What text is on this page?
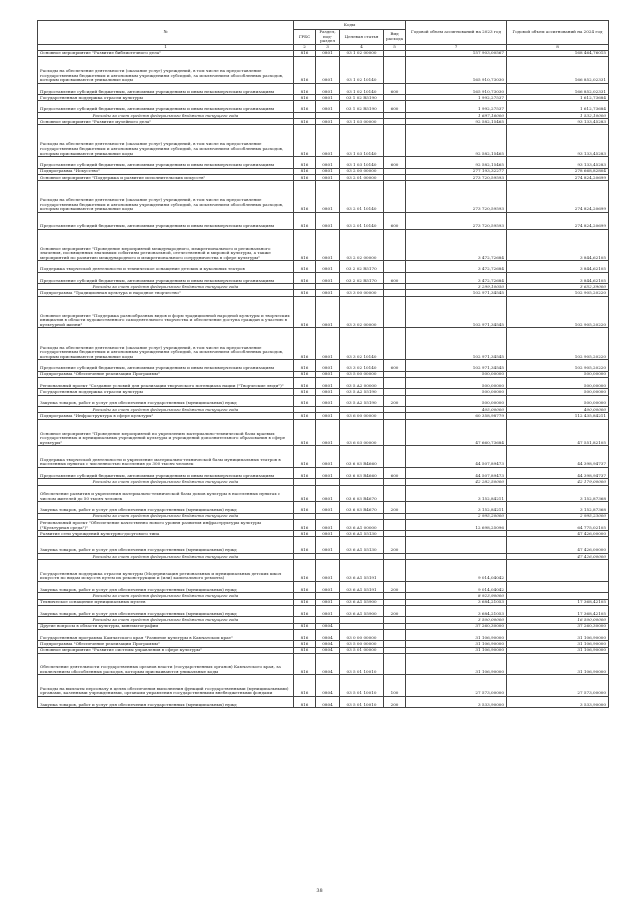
№	Коды				Годовой объем ассигнований на 2023 год	Годовой объем ассигнований на 2024 год
	ГРБС	Раздел, под-раздел	Целевая статья	Вид расхода		
1	2	3	4	5	7	8
Основное мероприятие "Развитие библиотечного дела"	816	0801	03 1 02 00000		157 903,00567	168 464,76015
Расходы на обеспечение деятельности (оказание услуг) учреждений, в том числе на предоставление государственным бюджетным и автономным учреждениям субсидий, за исключением обособленных расходов, которым присваиваются уникальные коды	816	0801	03 1 02 10140		165 910,73030	166 852,02331
Предоставление субсидий бюджетным, автономным учреждениям и иным некоммерческим организациям	816	0801	03 1 02 10140	600	165 910,73030	166 852,02331
Государственная поддержка отрасли культуры	816	0801	03 1 02 R5190		1 992,27537	1 612,73684
Предоставление субсидий бюджетным, автономным учреждениям и иным некоммерческим организациям	816	0801	03 1 02 R5190	600	1 992,27537	1 612,73684
Расходы за счет средств федерального бюджета текущего года					1 697,16000	1 532,10000
Основное мероприятие "Развитие музейного дела"	816	0801	03 1 03 00000		92 582,15465	93 133,45283
Расходы на обеспечение деятельности (оказание услуг) учреждений, в том числе на предоставление государственным бюджетным и автономным учреждениям субсидий, за исключением обособленных расходов, которым присваиваются уникальные коды	816	0801	03 1 03 10140		92 582,15465	93 133,45283
Предоставление субсидий бюджетным, автономным учреждениям и иным некоммерческим организациям	816	0801	03 1 03 10140	600	92 582,15465	93 133,45283
Подпрограмма "Искусство"	816	0801	03 2 00 00000		277 193,32277	278 668,82804
Основное мероприятие "Поддержка и развитие исполнительских искусств"	816	0801	03 2 01 00000		273 720,59593	274 824,20699
Расходы на обеспечение деятельности (оказание услуг) учреждений, в том числе на предоставление государственным бюджетным и автономным учреждениям субсидий, за исключением обособленных расходов, которым присваиваются уникальные коды	816	0801	03 2 01 10140		273 720,59593	274 824,20699
Предоставление субсидий бюджетным, автономным учреждениям и иным некоммерческим организациям	816	0801	03 2 01 10140	600	273 720,59593	274 824,20699
Основное мероприятие "Проведение мероприятий международного, межрегионального и регионального значения, посвященных значимым событиям региональной, отечественной и мировой культуры, а также мероприятий по развитию международного и межрегионального сотрудничества в сфере культуры"	816	0801	03 2 02 00000		3 472,72684	3 844,62105
Поддержка творческой деятельности и техническое оснащение детских и кукольных театров	816	0801	03 2 02 R5170		3 472,72684	3 844,62105
Предоставление субсидий бюджетным, автономным учреждениям и иным некоммерческим организациям	816	0801	03 2 02 R5170	600	3 472,72684	3 844,62105
Расходы за счет средств федерального бюджета текущего года					3 299,10050	3 652,39000
Подпрограмма "Традиционная культура и народное творчество"	816	0801	03 3 00 00000		102 971,34545	102 905,20220
Основное мероприятие "Поддержка разнообразных видов и форм традиционной народной культуры и творческих инициатив в области художественного самодеятельного творчества и обеспечение доступа граждан к участию в культурной жизни"	816	0801	03 3 02 00000		102 971,34545	102 905,20220
Расходы на обеспечение деятельности (оказание услуг) учреждений, в том числе на предоставление государственным бюджетным и автономным учреждениям субсидий, за исключением обособленных расходов, которым присваиваются уникальные коды	816	0801	03 3 02 10140		102 971,34545	102 905,20220
Предоставление субсидий бюджетным, автономным учреждениям и иным некоммерческим организациям	816	0801	03 3 02 10140	600	102 971,34545	102 905,20220
Подпрограмма "Обеспечение реализации Программы"	816	0801	03 5 00 00000		500,00000	500,00000
Региональный проект "Создание условий для реализации творческого потенциала нации ("Творческие люди")"	816	0801	03 5 A2 00000		500,00000	500,00000
Государственная поддержка отрасли культуры	816	0801	03 5 A2 55190		500,00000	500,00000
Закупка товаров, работ и услуг для обеспечения государственных (муниципальных) нужд	816	0801	03 5 A2 55190	200	500,00000	500,00000
Расходы за счет средств федерального бюджета текущего года					405,00000	400,00000
Подпрограмма "Инфраструктура в сфере культуры"	816	0801	03 6 00 00000		60 358,98779	112 435,84211
Основное мероприятие "Проведение мероприятий по укреплению материально-технической базы краевых государственных и муниципальных учреждений культуры и учреждений дополнительного образования в сфере культуры"	816	0801	03 6 03 00000		47 660,73684	47 551,82105
Поддержка творческой деятельности и укрепление материально-технической базы муниципальных театров в населенных пунктах с численностью населения до 300 тысяч человек	816	0801	03 6 03 R4660		44 507,89473	44 398,94737
Предоставление субсидий бюджетным, автономным учреждениям и иным некоммерческим организациям	816	0801	03 6 03 R4660	600	44 507,89473	44 398,94737
Расходы за счет средств федерального бюджета текущего года					42 282,50000	42 179,00000
Обеспечение развития и укрепления материально-технической базы домов культуры в населенных пунктах с числом жителей до 50 тысяч человек	816	0801	03 6 03 R4670		3 152,84211	3 152,87368
Закупка товаров, работ и услуг для обеспечения государственных (муниципальных) нужд	816	0801	03 6 03 R4670	200	3 152,84211	3 152,87368
Расходы за счет средств федерального бюджета текущего года					2 995,20000	2 995,23000
Региональный проект "Обеспечение качественно нового уровня развития инфраструктуры культуры ("Культурная среда")"	816	0801	03 6 A1 00000		12 698,25096	64 775,02105
Развитие сети учреждений культурно-досугового типа	816	0801	03 6 A1 55130			47 426,00000
Закупка товаров, работ и услуг для обеспечения государственных (муниципальных) нужд	816	0801	03 6 A1 55130	200		47 426,00000
Расходы за счет средств федерального бюджета текущего года						47 426,00000
Государственная поддержка отрасли культуры (Модернизация региональных и муниципальных детских школ искусств по видам искусств путем их реконструкции и (или) капитального ремонта)	816	0801	03 6 A1 55191		9 014,04042	
Закупка товаров, работ и услуг для обеспечения государственных (муниципальных) нужд	816	0801	03 6 A1 55191	200	9 014,04042	
Расходы за счет средств федерального бюджета текущего года					8 923,90000	
Техническое оснащение муниципальных музеев	816	0801	03 6 A1 55900		3 684,21053	17 368,42105
Закупка товаров, работ и услуг для обеспечения государственных (муниципальных) нужд	816	0801	03 6 A1 55900	200	3 684,21053	17 368,42105
Расходы за счет средств федерального бюджета текущего года					3 500,00000	16 500,00000
Другие вопросы в области культуры, кинематографии	816	0804			37 260,30000	37 260,30000
Государственная программа Камчатского края "Развитие культуры в Камчатском крае"	816	0804	03 0 00 00000		31 106,90000	31 106,90000
Подпрограмма "Обеспечение реализации Программы"	816	0804	03 5 00 00000		31 106,90000	31 106,90000
Основное мероприятие "Развитие системы управления в сфере культуры"	816	0804	03 5 01 00000		31 106,90000	31 106,90000
Обеспечение деятельности государственных органов власти (государственных органов) Камчатского края, за исключением обособленных расходов, которым присваиваются уникальные коды	816	0804	03 5 01 10010		31 106,90000	31 106,90000
Расходы на выплаты персоналу в целях обеспечения выполнения функций государственными (муниципальными) органами, казенными учреждениями, органами управления государственными внебюджетными фондами	816	0804	03 5 01 10010	100	27 573,00000	27 573,00000
Закупка товаров, работ и услуг для обеспечения государственных (муниципальных) нужд	816	0804	03 5 01 10010	200	3 533,90000	3 533,90000
38
